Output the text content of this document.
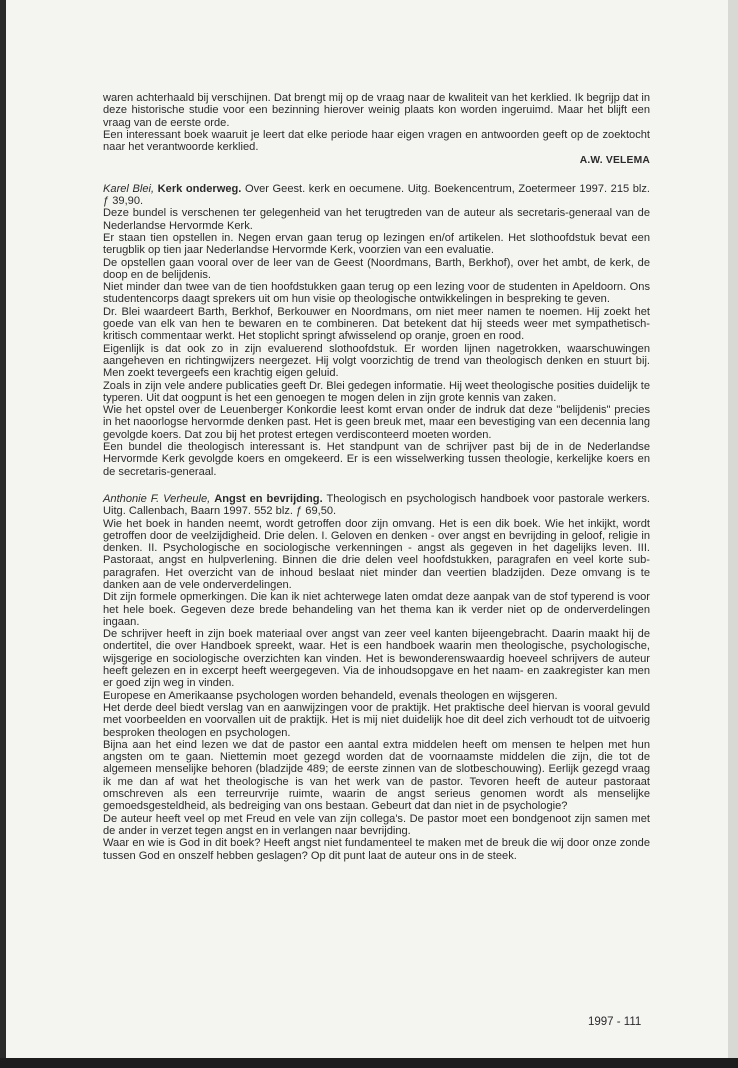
waren achterhaald bij verschijnen. Dat brengt mij op de vraag naar de kwaliteit van het kerklied. Ik begrijp dat in deze historische studie voor een bezinning hierover weinig plaats kon worden ingeruimd. Maar het blijft een vraag van de eerste orde.

Een interessant boek waaruit je leert dat elke periode haar eigen vragen en antwoorden geeft op de zoektocht naar het verantwoorde kerklied.

A.W. VELEMA

Karel Blei, Kerk onderweg. Over Geest. kerk en oecumene. Uitg. Boekencentrum, Zoetermeer 1997. 215 blz. ƒ 39,90.

Deze bundel is verschenen ter gelegenheid van het terugtreden van de auteur als secretaris-generaal van de Nederlandse Hervormde Kerk.

Er staan tien opstellen in. Negen ervan gaan terug op lezingen en/of artikelen. Het slothoofdstuk bevat een terugblik op tien jaar Nederlandse Hervormde Kerk, voorzien van een evaluatie.

De opstellen gaan vooral over de leer van de Geest (Noordmans, Barth, Berkhof), over het ambt, de kerk, de doop en de belijdenis.

Niet minder dan twee van de tien hoofdstukken gaan terug op een lezing voor de studenten in Apeldoorn. Ons studentencorps daagt sprekers uit om hun visie op theologische ontwikkelingen in bespreking te geven.

Dr. Blei waardeert Barth, Berkhof, Berkouwer en Noordmans, om niet meer namen te noemen. Hij zoekt het goede van elk van hen te bewaren en te combineren. Dat betekent dat hij steeds weer met sympathetisch-kritisch commentaar werkt. Het stoplicht springt afwisselend op oranje, groen en rood.

Eigenlijk is dat ook zo in zijn evaluerend slothoofdstuk. Er worden lijnen nagetrokken, waarschuwingen aangeheven en richtingwijzers neergezet. Hij volgt voorzichtig de trend van theologisch denken en stuurt bij. Men zoekt tevergeefs een krachtig eigen geluid.

Zoals in zijn vele andere publicaties geeft Dr. Blei gedegen informatie. Hij weet theologische posities duidelijk te typeren. Uit dat oogpunt is het een genoegen te mogen delen in zijn grote kennis van zaken.

Wie het opstel over de Leuenberger Konkordie leest komt ervan onder de indruk dat deze "belijdenis" precies in het naoorlogse hervormde denken past. Het is geen breuk met, maar een bevestiging van een decennia lang gevolgde koers. Dat zou bij het protest ertegen verdisconteerd moeten worden.

Een bundel die theologisch interessant is. Het standpunt van de schrijver past bij de in de Nederlandse Hervormde Kerk gevolgde koers en omgekeerd. Er is een wisselwerking tussen theologie, kerkelijke koers en de secretaris-generaal.

Anthonie F. Verheule, Angst en bevrijding. Theologisch en psychologisch handboek voor pastorale werkers. Uitg. Callenbach, Baarn 1997. 552 blz. ƒ 69,50.

Wie het boek in handen neemt, wordt getroffen door zijn omvang. Het is een dik boek. Wie het inkijkt, wordt getroffen door de veelzijdigheid. Drie delen. I. Geloven en denken - over angst en bevrijding in geloof, religie in denken. II. Psychologische en sociologische verkenningen - angst als gegeven in het dagelijks leven. III. Pastoraat, angst en hulpverlening. Binnen die drie delen veel hoofdstukken, paragrafen en veel korte sub-paragrafen. Het overzicht van de inhoud beslaat niet minder dan veertien bladzijden. Deze omvang is te danken aan de vele onderverdelingen.

Dit zijn formele opmerkingen. Die kan ik niet achterwege laten omdat deze aanpak van de stof typerend is voor het hele boek. Gegeven deze brede behandeling van het thema kan ik verder niet op de onderverdelingen ingaan.

De schrijver heeft in zijn boek materiaal over angst van zeer veel kanten bijeengebracht. Daarin maakt hij de ondertitel, die over Handboek spreekt, waar. Het is een handboek waarin men theologische, psychologische, wijsgerige en sociologische overzichten kan vinden. Het is bewonderenswaardig hoeveel schrijvers de auteur heeft gelezen en in excerpt heeft weergegeven. Via de inhoudsopgave en het naam- en zaakregister kan men er goed zijn weg in vinden.

Europese en Amerikaanse psychologen worden behandeld, evenals theologen en wijsgeren.

Het derde deel biedt verslag van en aanwijzingen voor de praktijk. Het praktische deel hiervan is vooral gevuld met voorbeelden en voorvallen uit de praktijk. Het is mij niet duidelijk hoe dit deel zich verhoudt tot de uitvoerig besproken theologen en psychologen.

Bijna aan het eind lezen we dat de pastor een aantal extra middelen heeft om mensen te helpen met hun angsten om te gaan. Niettemin moet gezegd worden dat de voornaamste middelen die zijn, die tot de algemeen menselijke behoren (bladzijde 489; de eerste zinnen van de slotbeschouwing). Eerlijk gezegd vraag ik me dan af wat het theologische is van het werk van de pastor. Tevoren heeft de auteur pastoraat omschreven als een terreurvrije ruimte, waarin de angst serieus genomen wordt als menselijke gemoedsgesteldheid, als bedreiging van ons bestaan. Gebeurt dat dan niet in de psychologie?

De auteur heeft veel op met Freud en vele van zijn collega's. De pastor moet een bondgenoot zijn samen met de ander in verzet tegen angst en in verlangen naar bevrijding.

Waar en wie is God in dit boek? Heeft angst niet fundamenteel te maken met de breuk die wij door onze zonde tussen God en onszelf hebben geslagen? Op dit punt laat de auteur ons in de steek.

1997 - 111
